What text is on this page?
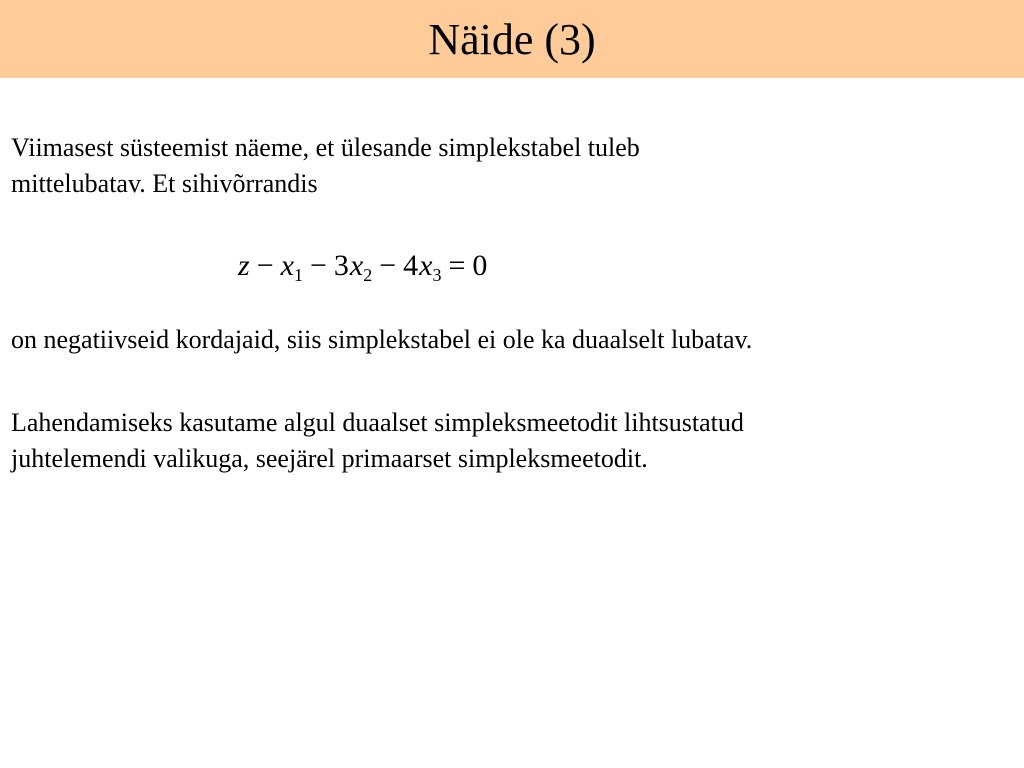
Näide (3)
Viimasest süsteemist näeme, et ülesande simplekstabel tuleb
mittelubatav. Et sihivõrrandis
$z - x_1 - 3x_2 - 4x_3 = 0$
on negatiivseid kordajaid, siis simplekstabel ei ole ka duaalselt lubatav.
Lahendamiseks kasutame algul duaalset simpleksmeetodit lihtsustatud
juhtelemendi valikuga, seejärel primaarset simpleksmeetodit.
